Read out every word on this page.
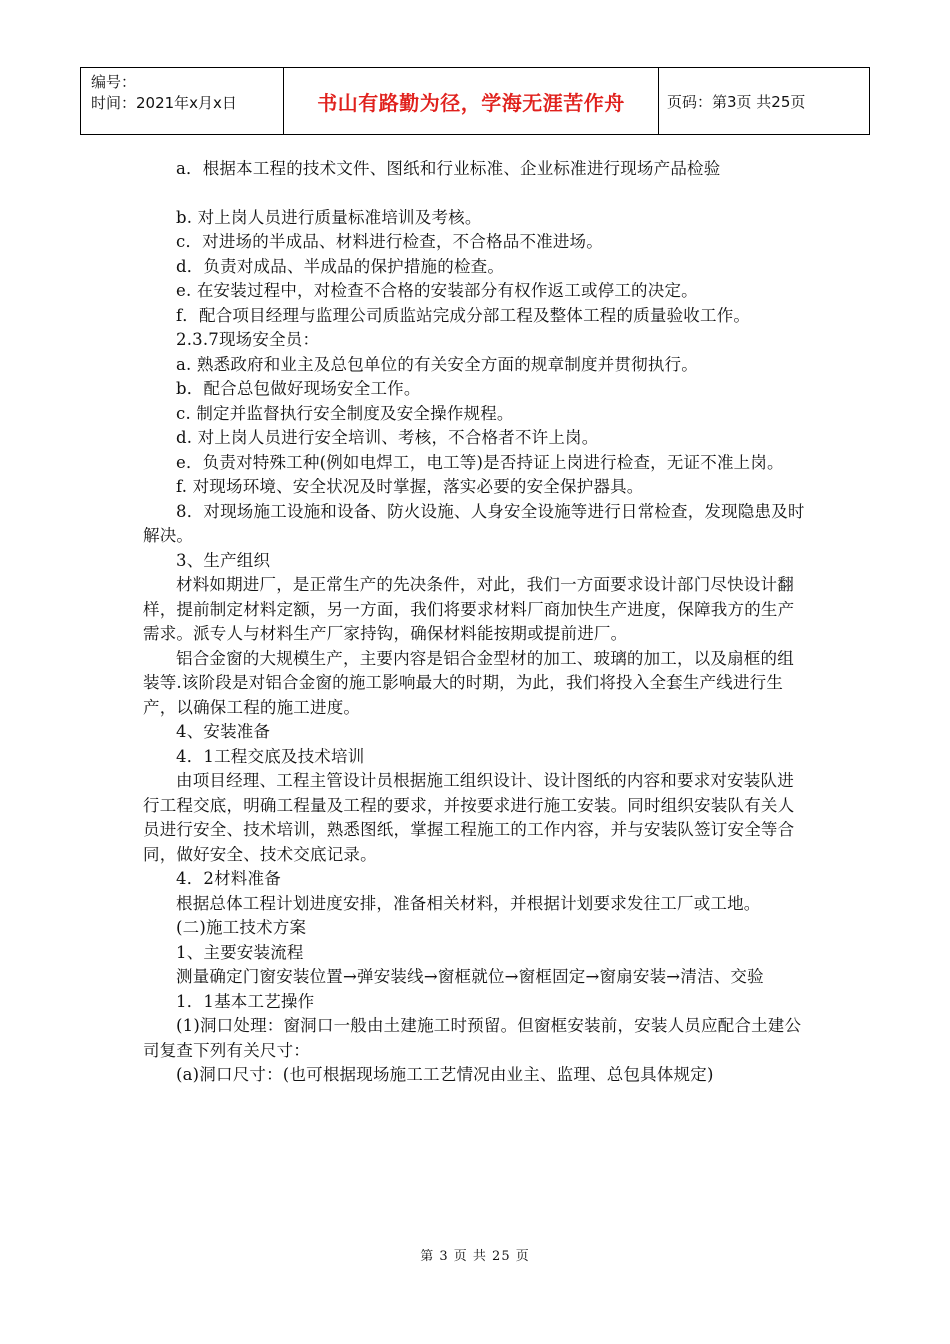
编号：
时间：2021年x月x日	书山有路勤为径，学海无涯苦作舟	页码：第3页 共25页

a．根据本工程的技术文件、图纸和行业标准、企业标准进行现场产品检验

b. 对上岗人员进行质量标准培训及考核。

c．对进场的半成品、材料进行检查，不合格品不准进场。

d．负责对成品、半成品的保护措施的检查。

e. 在安装过程中，对检查不合格的安装部分有权作返工或停工的决定。

f．配合项目经理与监理公司质监站完成分部工程及整体工程的质量验收工作。

2.3.7现场安全员：

a. 熟悉政府和业主及总包单位的有关安全方面的规章制度并贯彻执行。

b．配合总包做好现场安全工作。

c. 制定并监督执行安全制度及安全操作规程。

d. 对上岗人员进行安全培训、考核，不合格者不许上岗。

e．负责对特殊工种(例如电焊工，电工等)是否持证上岗进行检查，无证不准上岗。

f. 对现场环境、安全状况及时掌握，落实必要的安全保护器具。

8．对现场施工设施和设备、防火设施、人身安全设施等进行日常检查，发现隐患及时解决。

3、生产组织

材料如期进厂，是正常生产的先决条件，对此，我们一方面要求设计部门尽快设计翻样，提前制定材料定额，另一方面，我们将要求材料厂商加快生产进度，保障我方的生产需求。派专人与材料生产厂家持钩，确保材料能按期或提前进厂。

铝合金窗的大规模生产，主要内容是铝合金型材的加工、玻璃的加工，以及扇框的组装等.该阶段是对铝合金窗的施工影响最大的时期，为此，我们将投入全套生产线进行生产，以确保工程的施工进度。

4、安装准备

4．1工程交底及技术培训

由项目经理、工程主管设计员根据施工组织设计、设计图纸的内容和要求对安装队进行工程交底，明确工程量及工程的要求，并按要求进行施工安装。同时组织安装队有关人员进行安全、技术培训，熟悉图纸，掌握工程施工的工作内容，并与安装队签订安全等合同，做好安全、技术交底记录。

4．2材料准备

根据总体工程计划进度安排，准备相关材料，并根据计划要求发往工厂或工地。

(二)施工技术方案

1、主要安装流程

测量确定门窗安装位置→弹安装线→窗框就位→窗框固定→窗扇安装→清洁、交验

1．1基本工艺操作

(1)洞口处理：窗洞口一般由土建施工时预留。但窗框安装前，安装人员应配合土建公司复查下列有关尺寸：

(a)洞口尺寸：(也可根据现场施工工艺情况由业主、监理、总包具体规定)

第 3 页 共 25 页
